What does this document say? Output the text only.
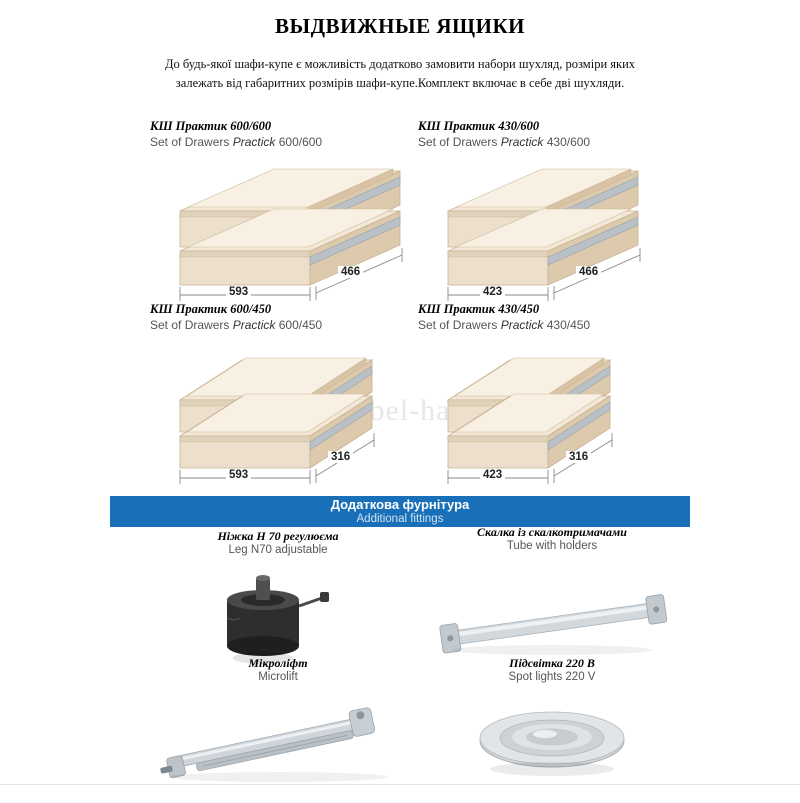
ВЫДВИЖНЫЕ ЯЩИКИ

До будь-якої шафи-купе є можливість додатково замовити набори шухляд, розміри яких залежать від габаритних розмірів шафи-купе.Комплект включає в себе дві шухляди.

mebel-hall
КШ Практик 600/600
Set of Drawers Practick 600/600
593
466
КШ Практик 430/600
Set of Drawers Practick 430/600
423
466
КШ Практик 600/450
Set of Drawers Practick 600/450
593
316
КШ Практик 430/450
Set of Drawers Practick 430/450
423
316
Додаткова фурнітура
Additional fittings
Ніжка Н 70 регулюєма
Leg N70 adjustable
Скалка із скалкотримачами
Tube with holders
Мікроліфт
Microlift
Підсвітка 220 В
Spot lights 220 V
